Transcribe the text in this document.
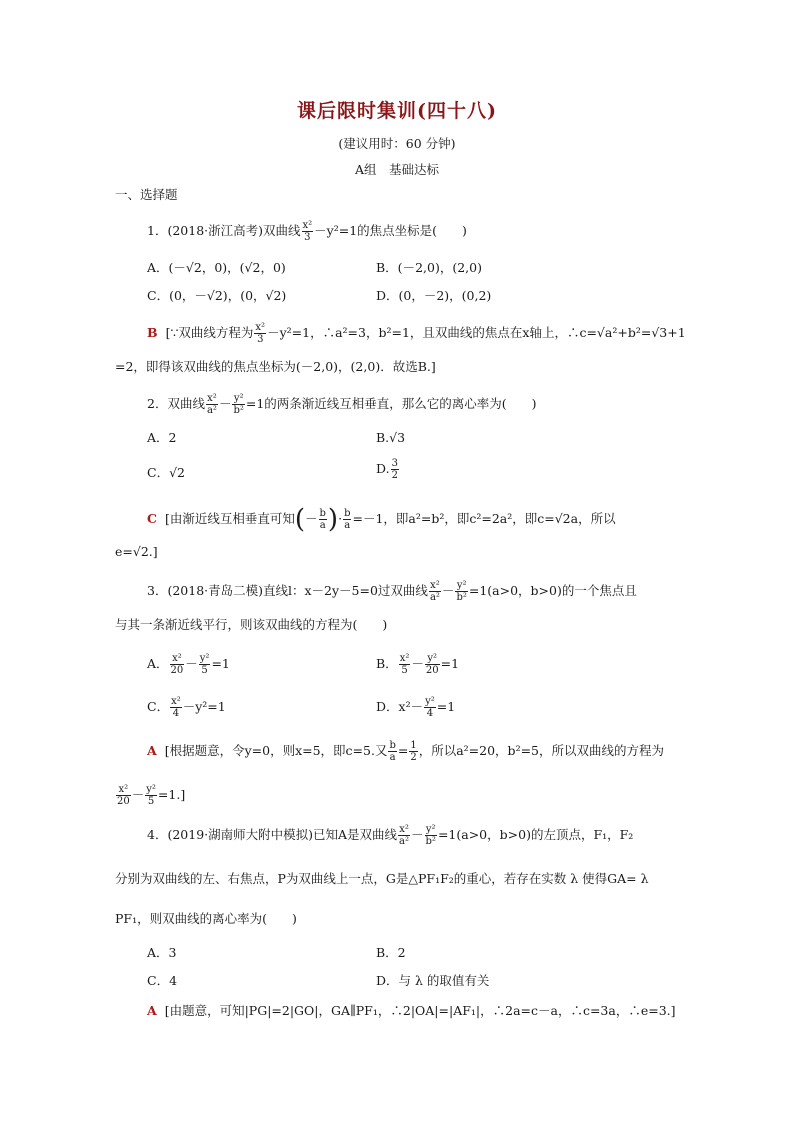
课后限时集训(四十八)
(建议用时：60 分钟)
A组　基础达标
一、选择题
1．(2018·浙江高考)双曲线 $\frac{\text{x²}}{3} -y^2=1$的焦点坐标是(　　)
A．(－√2，0)，(√2，0)	B．(－2,0)，(2,0)
C．(0，－√2)，(0，√2)	D．(0，－2)，(0,2)
B [∵双曲线方程为 $\frac{\text{x²}}{3} -y^2=1$，∴a²=3，b²=1，且双曲线的焦点在x轴上，∴c=√a²+b²=√3+1
=2，即得该双曲线的焦点坐标为(－2,0)，(2,0)．故选B.]
2．双曲线 $\frac{\text{x²}}{\text{a²}} - \frac{\text{y²}}{\text{b²}} =1$的两条渐近线互相垂直，那么它的离心率为(　　)
A．2	B.√3
C．√2	D. $\frac{3}{2}$
C [由渐近线互相垂直可知(－ $\frac{b}{a}$ )· $\frac{b}{a} =-1$，即a²=b²，即c²=2a²，即c=√2a，所以
e=√2.]
3．(2018·青岛二模)直线l：x－2y－5=0过双曲线 $\frac{\text{x²}}{\text{a²}} - \frac{\text{y²}}{\text{b²}} =1(a>0$，b>0)的一个焦点且
与其一条渐近线平行，则该双曲线的方程为(　　)
A． $\frac{\text{x²}}{20} - \frac{\text{y²}}{5} =1$	B． $\frac{\text{x²}}{5} - \frac{\text{y²}}{20} =1$
C． $\frac{\text{x²}}{4} -y^2=1$	D．$x^2- \frac{\text{y²}}{4} =1$
A [根据题意，令y=0，则x=5，即c=5.又 $\frac{b}{a} = \frac{1}{2}$ ，所以a²=20，b²=5，所以双曲线的方程为
$\frac{\text{x²}}{20} - \frac{\text{y²}}{5} =1$.]
4．(2019·湖南师大附中模拟)已知A是双曲线 $\frac{\text{x²}}{\text{a²}} - \frac{\text{y²}}{\text{b²}} =1(a>0$，b>0)的左顶点，F₁，F₂
分别为双曲线的左、右焦点，P为双曲线上一点，G是△PF₁F₂的重心，若存在实数 λ 使得GA= λ
PF₁，则双曲线的离心率为(　　)
A．3	B．2
C．4	D．与 λ 的取值有关
A [由题意，可知|PG|=2|GO|，GA∥PF₁，∴2|OA|=|AF₁|，∴2a=c－a，∴c=3a，∴e=3.]
